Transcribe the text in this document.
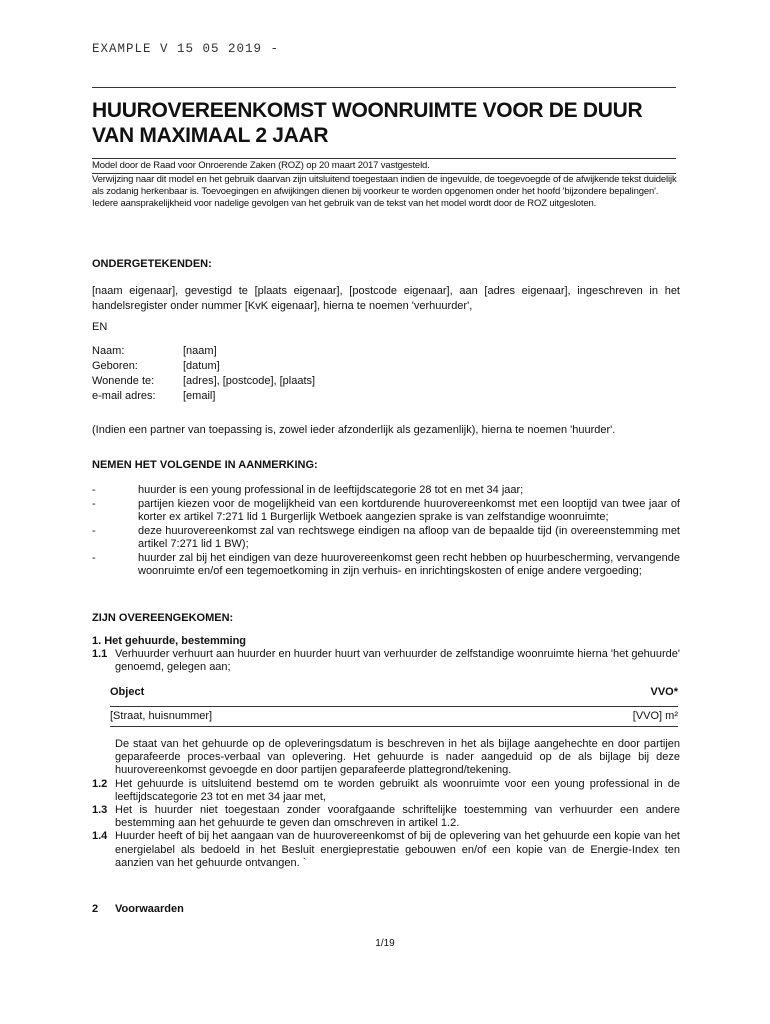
EXAMPLE V 15 05 2019 -
HUUROVEREENKOMST WOONRUIMTE VOOR DE DUUR
VAN MAXIMAAL 2 JAAR

Model door de Raad voor Onroerende Zaken (ROZ) op 20 maart 2017 vastgesteld.

Verwijzing naar dit model en het gebruik daarvan zijn uitsluitend toegestaan indien de ingevulde, de toegevoegde of de afwijkende tekst duidelijk als zodanig herkenbaar is. Toevoegingen en afwijkingen dienen bij voorkeur te worden opgenomen onder het hoofd 'bijzondere bepalingen'. Iedere aansprakelijkheid voor nadelige gevolgen van het gebruik van de tekst van het model wordt door de ROZ uitgesloten.

ONDERGETEKENDEN:

[naam eigenaar], gevestigd te [plaats eigenaar], [postcode eigenaar], aan [adres eigenaar], ingeschreven in het handelsregister onder nummer [KvK eigenaar], hierna te noemen 'verhuurder',

EN
Naam:	[naam]
Geboren:	[datum]
Wonende te:	[adres], [postcode], [plaats]
e-mail adres:	[email]

(Indien een partner van toepassing is, zowel ieder afzonderlijk als gezamenlijk), hierna te noemen 'huurder'.

NEMEN HET VOLGENDE IN AANMERKING:
-	huurder is een young professional in de leeftijdscategorie 28 tot en met 34 jaar;
-	partijen kiezen voor de mogelijkheid van een kortdurende huurovereenkomst met een looptijd van twee jaar of korter ex artikel 7:271 lid 1 Burgerlijk Wetboek aangezien sprake is van zelfstandige woonruimte;
-	deze huurovereenkomst zal van rechtswege eindigen na afloop van de bepaalde tijd (in overeenstemming met artikel 7:271 lid 1 BW);
-	huurder zal bij het eindigen van deze huurovereenkomst geen recht hebben op huurbescherming, vervangende woonruimte en/of een tegemoetkoming in zijn verhuis- en inrichtingskosten of enige andere vergoeding;
ZIJN OVEREENGEKOMEN:
1. Het gehuurde, bestemming
1.1 Verhuurder verhuurt aan huurder en huurder huurt van verhuurder de zelfstandige woonruimte hierna 'het gehuurde' genoemd, gelegen aan;
Object	VVO*
[Straat, huisnummer]	[VVO] m²
De staat van het gehuurde op de opleveringsdatum is beschreven in het als bijlage aangehechte en door partijen geparafeerde proces-verbaal van oplevering. Het gehuurde is nader aangeduid op de als bijlage bij deze huurovereenkomst gevoegde en door partijen geparafeerde plattegrond/tekening.
1.2 Het gehuurde is uitsluitend bestemd om te worden gebruikt als woonruimte voor een young professional in de leeftijdscategorie 23 tot en met 34 jaar met,
1.3 Het is huurder niet toegestaan zonder voorafgaande schriftelijke toestemming van verhuurder een andere bestemming aan het gehuurde te geven dan omschreven in artikel 1.2.
1.4 Huurder heeft of bij het aangaan van de huurovereenkomst of bij de oplevering van het gehuurde een kopie van het energielabel als bedoeld in het Besluit energieprestatie gebouwen en/of een kopie van de Energie-Index ten aanzien van het gehuurde ontvangen. `
2	Voorwaarden
1/19
